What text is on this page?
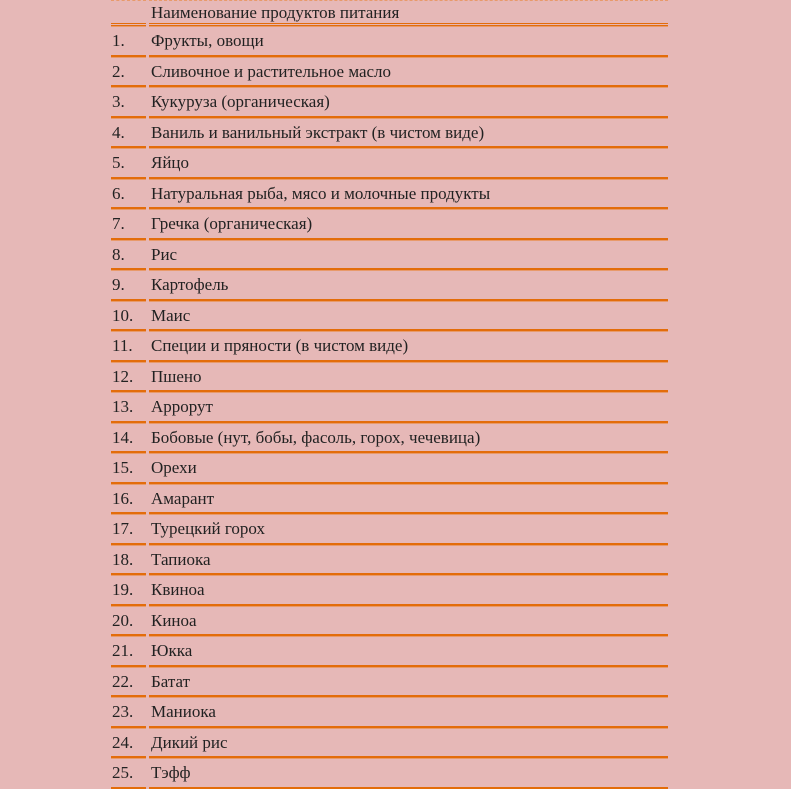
	Наименование продуктов питания
1.	Фрукты, овощи
2.	Сливочное и растительное масло
3.	Кукуруза (органическая)
4.	Ваниль и ванильный экстракт (в чистом виде)
5.	Яйцо
6.	Натуральная рыба, мясо и молочные продукты
7.	Гречка (органическая)
8.	Рис
9.	Картофель
10.	Маис
11.	Специи и пряности (в чистом виде)
12.	Пшено
13.	Аррорут
14.	Бобовые (нут, бобы, фасоль, горох, чечевица)
15.	Орехи
16.	Амарант
17.	Турецкий горох
18.	Тапиока
19.	Квиноа
20.	Киноа
21.	Юкка
22.	Батат
23.	Маниока
24.	Дикий рис
25.	Тэфф
